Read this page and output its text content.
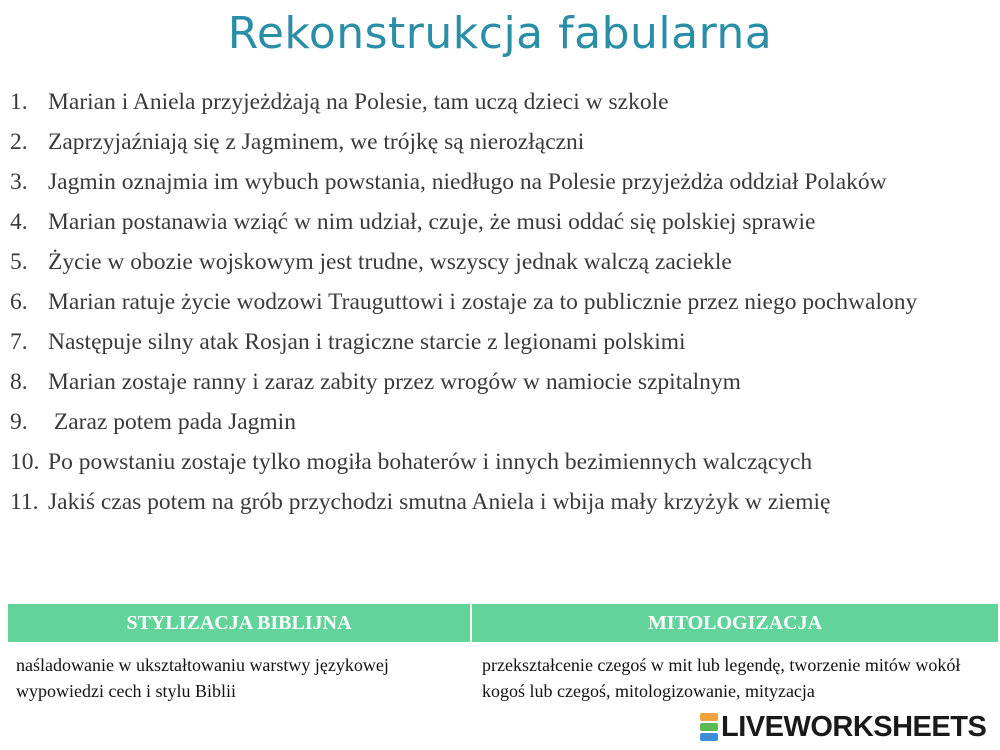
Rekonstrukcja fabularna
1. Marian i Aniela przyjeżdżają na Polesie, tam uczą dzieci w szkole
2. Zaprzyjaźniają się z Jagminem, we trójkę są nierozłączni
3. Jagmin oznajmia im wybuch powstania, niedługo na Polesie przyjeżdża oddział Polaków
4. Marian postanawia wziąć w nim udział, czuje, że musi oddać się polskiej sprawie
5. Życie w obozie wojskowym jest trudne, wszyscy jednak walczą zaciekle
6. Marian ratuje życie wodzowi Trauguttowi i zostaje za to publicznie przez niego pochwalony
7. Następuje silny atak Rosjan i tragiczne starcie z legionami polskimi
8. Marian zostaje ranny i zaraz zabity przez wrogów w namiocie szpitalnym
9. Zaraz potem pada Jagmin
10. Po powstaniu zostaje tylko mogiła bohaterów i innych bezimiennych walczących
11. Jakiś czas potem na grób przychodzi smutna Aniela i wbija mały krzyżyk w ziemię
STYLIZACJA BIBLIJNA	MITOLOGIZACJA
naśladowanie w ukształtowaniu warstwy językowej wypowiedzi cech i stylu Biblii
przekształcenie czegoś w mit lub legendę, tworzenie mitów wokół kogoś lub czegoś, mitologizowanie, mityzacja
LIVEWORKSHEETS
